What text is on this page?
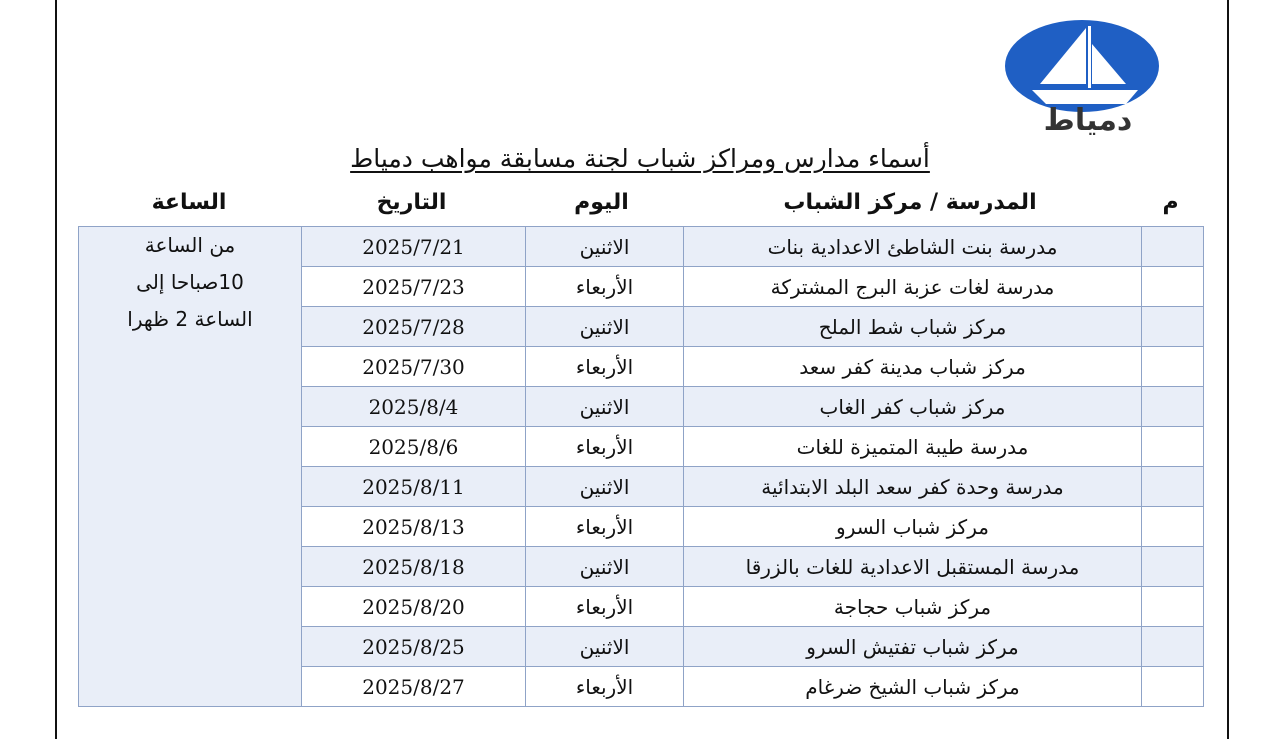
دمياط
أسماء مدارس ومراكز شباب لجنة مسابقة مواهب دمياط
الساعة	التاريخ	اليوم	المدرسة / مركز الشباب	م
من الساعة
10صباحا إلى
الساعة 2 ظهرا	2025/7/21	الاثنين	مدرسة بنت الشاطئ الاعدادية بنات	
	2025/7/23	الأربعاء	مدرسة لغات عزبة البرج المشتركة	
	2025/7/28	الاثنين	مركز شباب شط الملح	
	2025/7/30	الأربعاء	مركز شباب مدينة كفر سعد	
	2025/8/4	الاثنين	مركز شباب كفر الغاب	
	2025/8/6	الأربعاء	مدرسة طيبة المتميزة للغات	
	2025/8/11	الاثنين	مدرسة وحدة كفر سعد البلد الابتدائية	
	2025/8/13	الأربعاء	مركز شباب السرو	
	2025/8/18	الاثنين	مدرسة المستقبل الاعدادية للغات بالزرقا	
	2025/8/20	الأربعاء	مركز شباب حجاجة	
	2025/8/25	الاثنين	مركز شباب تفتيش السرو	
	2025/8/27	الأربعاء	مركز شباب الشيخ ضرغام	
